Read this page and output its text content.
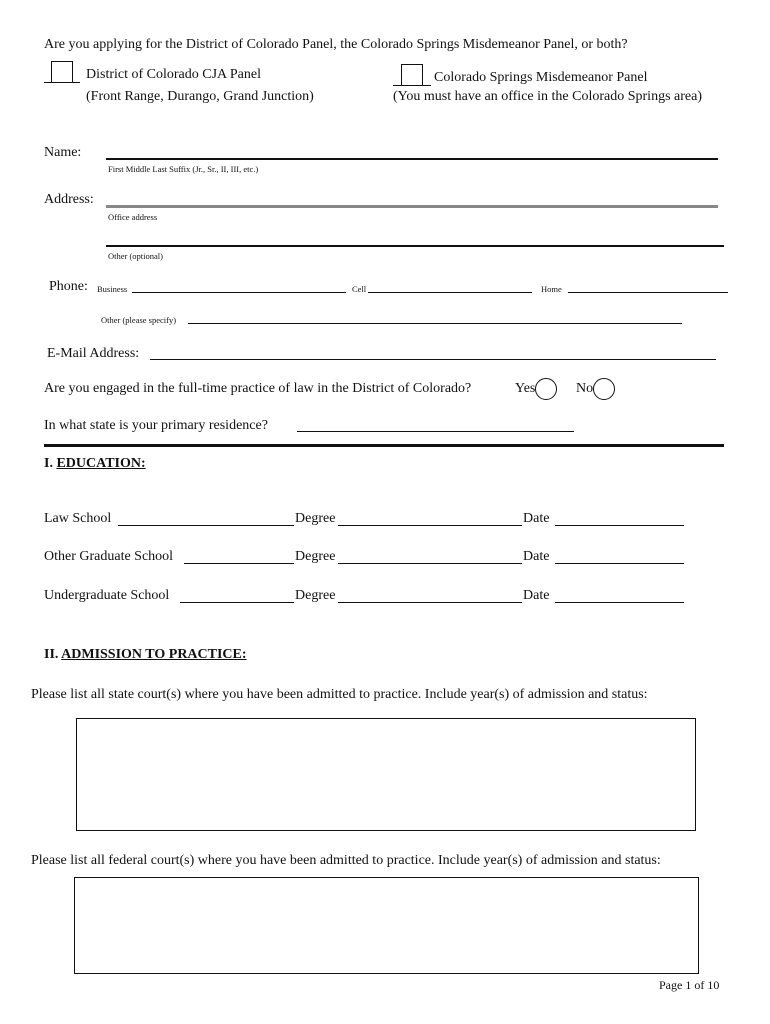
Are you applying for the District of Colorado Panel, the Colorado Springs Misdemeanor Panel, or both?
District of Colorado CJA Panel
(Front Range, Durango, Grand Junction)
Colorado Springs Misdemeanor Panel
(You must have an office in the Colorado Springs area)
Name:
First Middle Last Suffix (Jr., Sr., II, III, etc.)
Address:
Office address
Other (optional)
Phone: Business	Cell	Home
Other (please specify)
E-Mail Address:
Are you engaged in the full-time practice of law in the District of Colorado?	Yes	No
In what state is your primary residence?
I. EDUCATION:
Law School	Degree	Date
Other Graduate School	Degree	Date
Undergraduate School	Degree	Date
II. ADMISSION TO PRACTICE:
Please list all state court(s) where you have been admitted to practice. Include year(s) of admission and status:
Please list all federal court(s) where you have been admitted to practice. Include year(s) of admission and status:
Page 1 of 10
